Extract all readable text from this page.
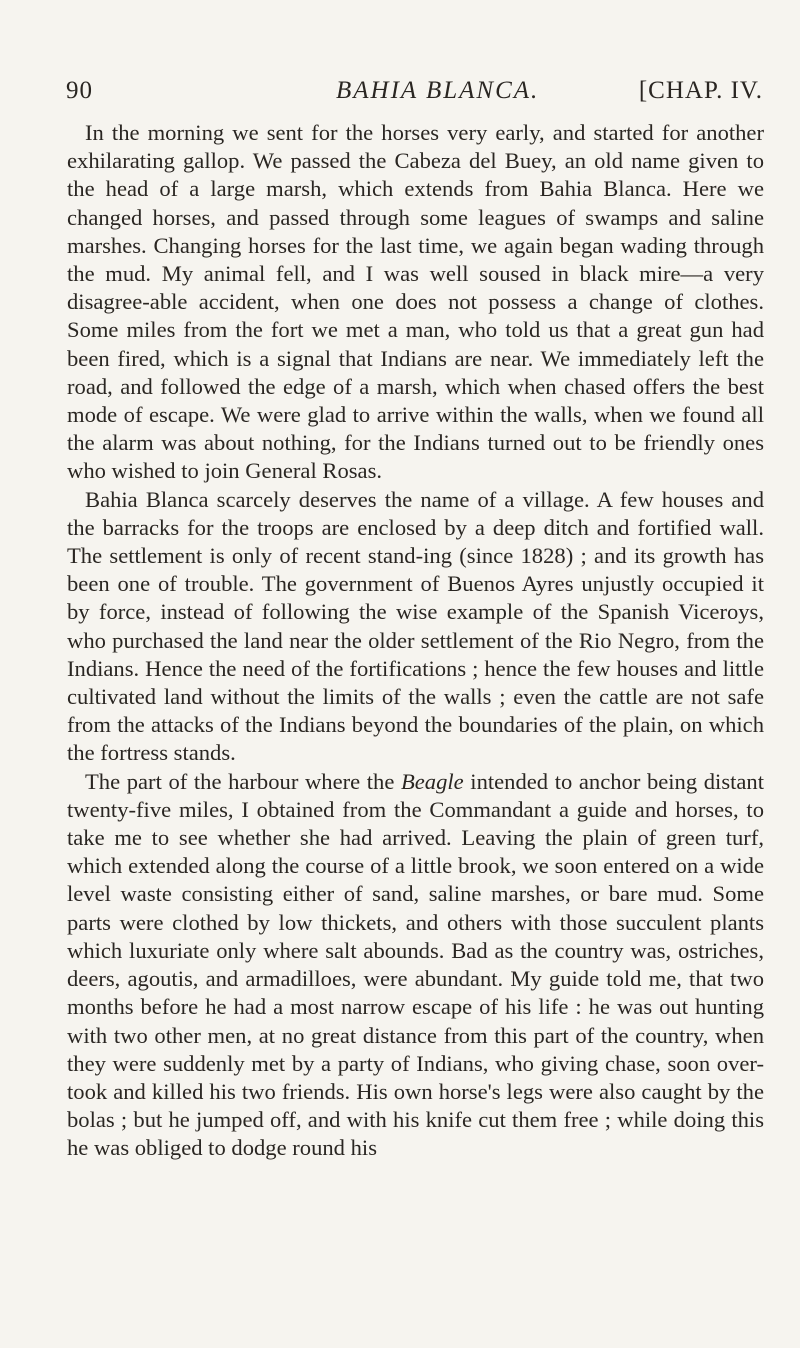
90	BAHIA BLANCA.	[CHAP. IV.

In the morning we sent for the horses very early, and started for another exhilarating gallop. We passed the Cabeza del Buey, an old name given to the head of a large marsh, which extends from Bahia Blanca. Here we changed horses, and passed through some leagues of swamps and saline marshes. Changing horses for the last time, we again began wading through the mud. My animal fell, and I was well soused in black mire—a very disagree-able accident, when one does not possess a change of clothes. Some miles from the fort we met a man, who told us that a great gun had been fired, which is a signal that Indians are near. We immediately left the road, and followed the edge of a marsh, which when chased offers the best mode of escape. We were glad to arrive within the walls, when we found all the alarm was about nothing, for the Indians turned out to be friendly ones who wished to join General Rosas.

Bahia Blanca scarcely deserves the name of a village. A few houses and the barracks for the troops are enclosed by a deep ditch and fortified wall. The settlement is only of recent stand-ing (since 1828) ; and its growth has been one of trouble. The government of Buenos Ayres unjustly occupied it by force, instead of following the wise example of the Spanish Viceroys, who purchased the land near the older settlement of the Rio Negro, from the Indians. Hence the need of the fortifications ; hence the few houses and little cultivated land without the limits of the walls ; even the cattle are not safe from the attacks of the Indians beyond the boundaries of the plain, on which the fortress stands.

The part of the harbour where the Beagle intended to anchor being distant twenty-five miles, I obtained from the Commandant a guide and horses, to take me to see whether she had arrived. Leaving the plain of green turf, which extended along the course of a little brook, we soon entered on a wide level waste consisting either of sand, saline marshes, or bare mud. Some parts were clothed by low thickets, and others with those succulent plants which luxuriate only where salt abounds. Bad as the country was, ostriches, deers, agoutis, and armadilloes, were abundant. My guide told me, that two months before he had a most narrow escape of his life : he was out hunting with two other men, at no great distance from this part of the country, when they were suddenly met by a party of Indians, who giving chase, soon over-took and killed his two friends. His own horse's legs were also caught by the bolas ; but he jumped off, and with his knife cut them free ; while doing this he was obliged to dodge round his
